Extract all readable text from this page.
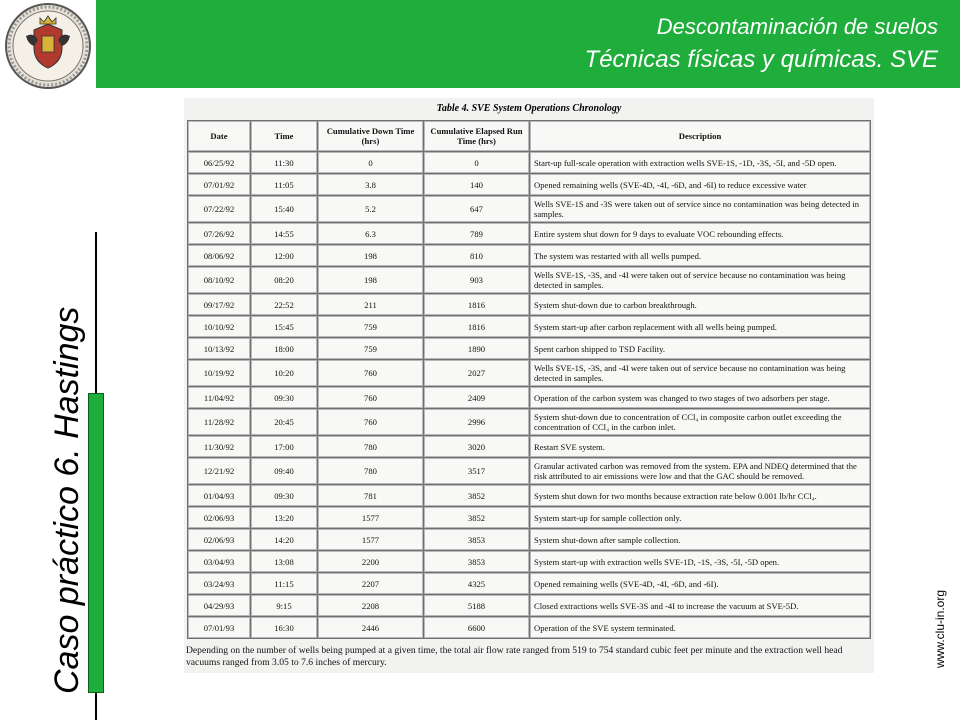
Descontaminación de suelos
Técnicas físicas y químicas. SVE
Caso práctico 6. Hastings	www.clu-in.org
Table 4. SVE System Operations Chronology
Date	Time	Cumulative Down Time (hrs)	Cumulative Elapsed Run Time (hrs)	Description
06/25/92	11:30	0	0	Start-up full-scale operation with extraction wells SVE-1S, -1D, -3S, -5I, and -5D open.
07/01/92	11:05	3.8	140	Opened remaining wells (SVE-4D, -4I, -6D, and -6I) to reduce excessive water
07/22/92	15:40	5.2	647	Wells SVE-1S and -3S were taken out of service since no contamination was being detected in samples.
07/26/92	14:55	6.3	789	Entire system shut down for 9 days to evaluate VOC rebounding effects.
08/06/92	12:00	198	810	The system was restarted with all wells pumped.
08/10/92	08:20	198	903	Wells SVE-1S, -3S, and -4I were taken out of service because no contamination was being detected in samples.
09/17/92	22:52	211	1816	System shut-down due to carbon breakthrough.
10/10/92	15:45	759	1816	System start-up after carbon replacement with all wells being pumped.
10/13/92	18:00	759	1890	Spent carbon shipped to TSD Facility.
10/19/92	10:20	760	2027	Wells SVE-1S, -3S, and -4I were taken out of service because no contamination was being detected in samples.
11/04/92	09:30	760	2409	Operation of the carbon system was changed to two stages of two adsorbers per stage.
11/28/92	20:45	760	2996	System shut-down due to concentration of CCl₄ in composite carbon outlet exceeding the concentration of CCl₄ in the carbon inlet.
11/30/92	17:00	780	3020	Restart SVE system.
12/21/92	09:40	780	3517	Granular activated carbon was removed from the system. EPA and NDEQ determined that the risk attributed to air emissions were low and that the GAC should be removed.
01/04/93	09:30	781	3852	System shut down for two months because extraction rate below 0.001 lb/hr CCl₄.
02/06/93	13:20	1577	3852	System start-up for sample collection only.
02/06/93	14:20	1577	3853	System shut-down after sample collection.
03/04/93	13:08	2200	3853	System start-up with extraction wells SVE-1D, -1S, -3S, -5I, -5D open.
03/24/93	11:15	2207	4325	Opened remaining wells (SVE-4D, -4I, -6D, and -6I).
04/29/93	9:15	2208	5188	Closed extractions wells SVE-3S and -4I to increase the vacuum at SVE-5D.
07/01/93	16:30	2446	6600	Operation of the SVE system terminated.
Depending on the number of wells being pumped at a given time, the total air flow rate ranged from 519 to 754 standard cubic feet per minute and the extraction well head vacuums ranged from 3.05 to 7.6 inches of mercury.
